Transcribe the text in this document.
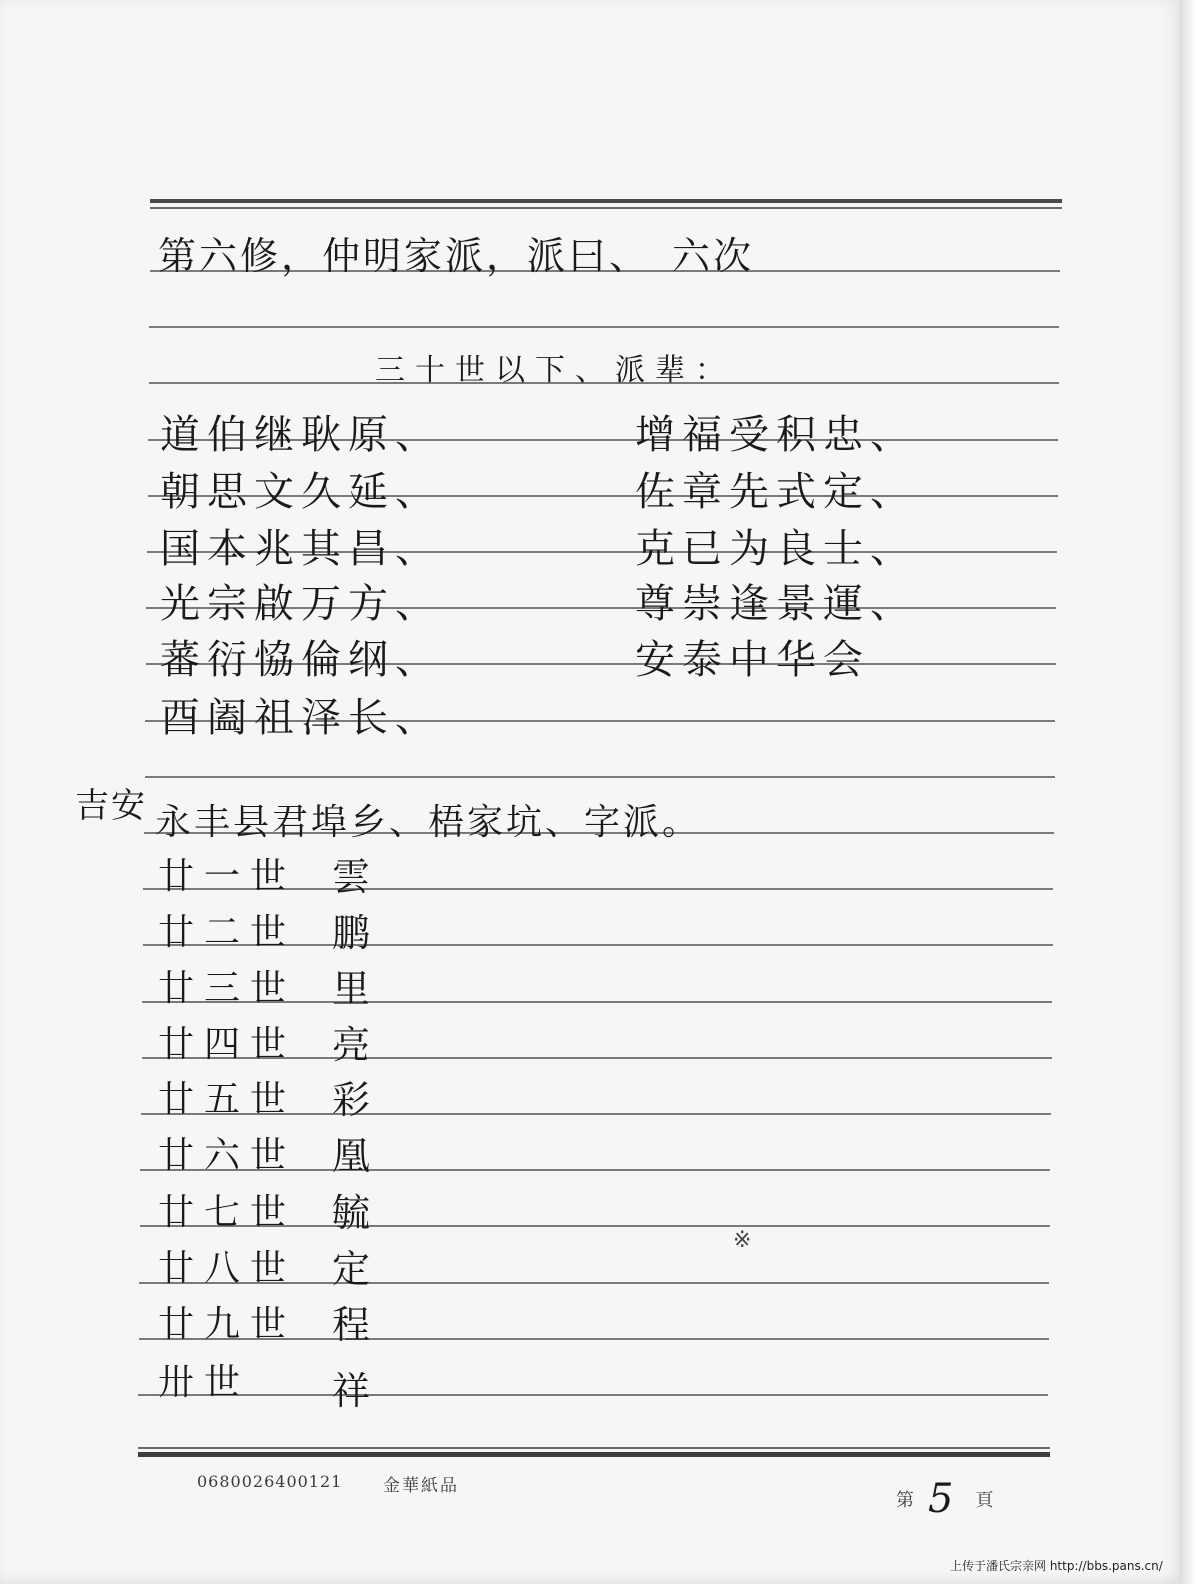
第六修，仲明家派，派曰、　六次
三十世以下、派辈：
道伯继耿原、
朝思文久延、
国本兆其昌、
光宗啟万方、
蕃衍恊倫纲、
酉阖祖泽长、
增福受积忠、
佐章先式定、
克已为良士、
尊崇逢景運、
安泰中华会
吉安 永丰县君埠乡、梧家坑、字派。
廿一世 雲
廿二世 鹏
廿三世 里
廿四世 亮
廿五世 彩
廿六世 凰
廿七世 毓
廿八世 定
廿九世 程
卅世 祥
※
0680026400121 金華紙品
第 5 頁
上传于潘氏宗亲网 http://bbs.pans.cn/
